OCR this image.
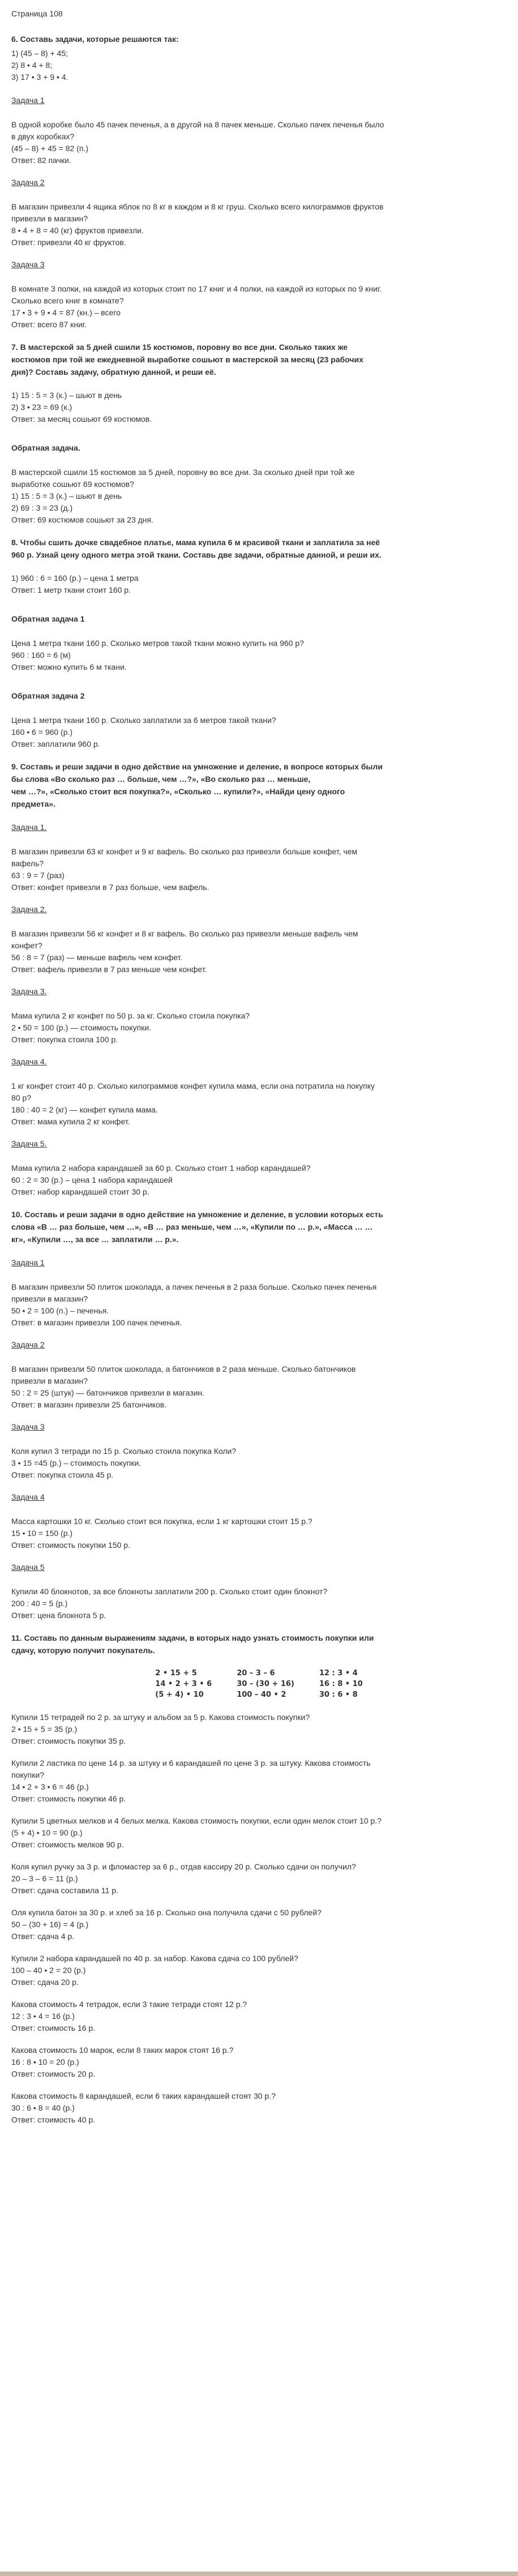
Страница 108

6. Составь задачи, которые решаются так:
1) (45 – 8) + 45;
2) 8 • 4 + 8;
3) 17 • 3 + 9 • 4.
Задача 1
В одной коробке было 45 пачек печенья, а в другой на 8 пачек меньше. Сколько пачек печенья было
в двух коробках?
(45 – 8) + 45 = 82 (п.)
Ответ: 82 пачки.
Задача 2
В магазин привезли 4 ящика яблок по 8 кг в каждом и 8 кг груш. Сколько всего килограммов фруктов
привезли в магазин?
8 • 4 + 8 = 40 (кг) фруктов привезли.
Ответ: привезли 40 кг фруктов.
Задача 3
В комнате 3 полки, на каждой из которых стоит по 17 книг и 4 полки, на каждой из которых по 9 книг.
Сколько всего книг в комнате?
17 • 3 + 9 • 4 = 87 (кн.) – всего
Ответ: всего 87 книг.
7. В мастерской за 5 дней сшили 15 костюмов, поровну во все дни. Сколько таких же
костюмов при той же ежедневной выработке сошьют в мастерской за месяц (23 рабочих
дня)? Составь задачу, обратную данной, и реши её.
1) 15 : 5 = 3 (к.) – шьют в день
2) 3 • 23 = 69 (к.)
Ответ: за месяц сошьют 69 костюмов.
Обратная задача.
В мастерской сшили 15 костюмов за 5 дней, поровну во все дни. За сколько дней при той же
выработке сошьют 69 костюмов?
1) 15 : 5 = 3 (к.) – шьют в день
2) 69 : 3 = 23 (д.)
Ответ: 69 костюмов сошьют за 23 дня.
8. Чтобы сшить дочке свадебное платье, мама купила 6 м красивой ткани и заплатила за неё
960 р. Узнай цену одного метра этой ткани. Составь две задачи, обратные данной, и реши их.
1) 960 : 6 = 160 (р.) – цена 1 метра
Ответ: 1 метр ткани стоит 160 р.
Обратная задача 1
Цена 1 метра ткани 160 р. Сколько метров такой ткани можно купить на 960 р?
960 : 160 = 6 (м)
Ответ: можно купить 6 м ткани.
Обратная задача 2
Цена 1 метра ткани 160 р. Сколько заплатили за 6 метров такой ткани?
160 • 6 = 960 (р.)
Ответ: заплатили 960 р.
9. Составь и реши задачи в одно действие на умножение и деление, в вопросе которых были
бы слова «Во сколько раз … больше, чем …?», «Во сколько раз … меньше,
чем …?», «Сколько стоит вся покупка?», «Сколько … купили?», «Найди цену одного
предмета».
Задача 1.
В магазин привезли 63 кг конфет и 9 кг вафель. Во сколько раз привезли больше конфет, чем
вафель?
63 : 9 = 7 (раз)
Ответ: конфет привезли в 7 раз больше, чем вафель.
Задача 2.
В магазин привезли 56 кг конфет и 8 кг вафель. Во сколько раз привезли меньше вафель чем
конфет?
56 : 8 = 7 (раз) — меньше вафель чем конфет.
Ответ: вафель привезли в 7 раз меньше чем конфет.
Задача 3.
Мама купила 2 кг конфет по 50 р. за кг. Сколько стоила покупка?
2 • 50 = 100 (р.) — стоимость покупки.
Ответ: покупка стоила 100 р.
Задача 4.
1 кг конфет стоит 40 р. Сколько килограммов конфет купила мама, если она потратила на покупку
80 р?
180 : 40 = 2 (кг) — конфет купила мама.
Ответ: мама купила 2 кг конфет.
Задача 5.
Мама купила 2 набора карандашей за 60 р. Сколько стоит 1 набор карандашей?
60 : 2 = 30 (р.) – цена 1 набора карандашей
Ответ: набор карандашей стоит 30 р.
10. Составь и реши задачи в одно действие на умножение и деление, в условии которых есть
слова «В … раз больше, чем …», «В … раз меньше, чем …», «Купили по … р.», «Масса … …
кг», «Купили …, за все … заплатили … р.».
Задача 1
В магазин привезли 50 плиток шоколада, а пачек печенья в 2 раза больше. Сколько пачек печенья
привезли в магазин?
50 • 2 = 100 (п.) – печенья.
Ответ: в магазин привезли 100 пачек печенья.
Задача 2
В магазин привезли 50 плиток шоколада, а батончиков в 2 раза меньше. Сколько батончиков
привезли в магазин?
50 : 2 = 25 (штук) — батончиков привезли в магазин.
Ответ: в магазин привезли 25 батончиков.
Задача 3
Коля купил 3 тетради по 15 р. Сколько стоила покупка Коли?
3 • 15 =45 (р.) – стоимость покупки.
Ответ: покупка стоила 45 р.
Задача 4
Масса картошки 10 кг. Сколько стоит вся покупка, если 1 кг картошки стоит 15 р.?
15 • 10 = 150 (р.)
Ответ: стоимость покупки 150 р.
Задача 5
Купили 40 блокнотов, за все блокноты заплатили 200 р. Сколько стоит один блокнот?
200 : 40 = 5 (р.)
Ответ: цена блокнота 5 р.
11. Составь по данным выражениям задачи, в которых надо узнать стоимость покупки или
сдачу, которую получит покупатель.
2 • 15 + 5
14 • 2 + 3 • 6
(5 + 4) • 10
20 – 3 – 6
30 – (30 + 16)
100 – 40 • 2
12 : 3 • 4
16 : 8 • 10
30 : 6 • 8
Купили 15 тетрадей по 2 р. за штуку и альбом за 5 р. Какова стоимость покупки?
2 • 15 + 5 = 35 (р.)
Ответ: стоимость покупки 35 р.
Купили 2 ластика по цене 14 р. за штуку и 6 карандашей по цене 3 р. за штуку. Какова стоимость
покупки?
14 • 2 + 3 • 6 = 46 (р.)
Ответ: стоимость покупки 46 р.
Купили 5 цветных мелков и 4 белых мелка. Какова стоимость покупки, если один мелок стоит 10 р.?
(5 + 4) • 10 = 90 (р.)
Ответ: стоимость мелков 90 р.
Коля купил ручку за 3 р. и фломастер за 6 р., отдав кассиру 20 р. Сколько сдачи он получил?
20 – 3 – 6 = 11 (р.)
Ответ: сдача составила 11 р.
Оля купила батон за 30 р. и хлеб за 16 р. Сколько она получила сдачи с 50 рублей?
50 – (30 + 16) = 4 (р.)
Ответ: сдача 4 р.
Купили 2 набора карандашей по 40 р. за набор. Какова сдача со 100 рублей?
100 – 40 • 2 = 20 (р.)
Ответ: сдача 20 р.
Какова стоимость 4 тетрадок, если 3 такие тетради стоят 12 р.?
12 : 3 • 4 = 16 (р.)
Ответ: стоимость 16 р.
Какова стоимость 10 марок, если 8 таких марок стоят 16 р.?
16 : 8 • 10 = 20 (р.)
Ответ: стоимость 20 р.
Какова стоимость 8 карандашей, если 6 таких карандашей стоят 30 р.?
30 : 6 • 8 = 40 (р.)
Ответ: стоимость 40 р.
